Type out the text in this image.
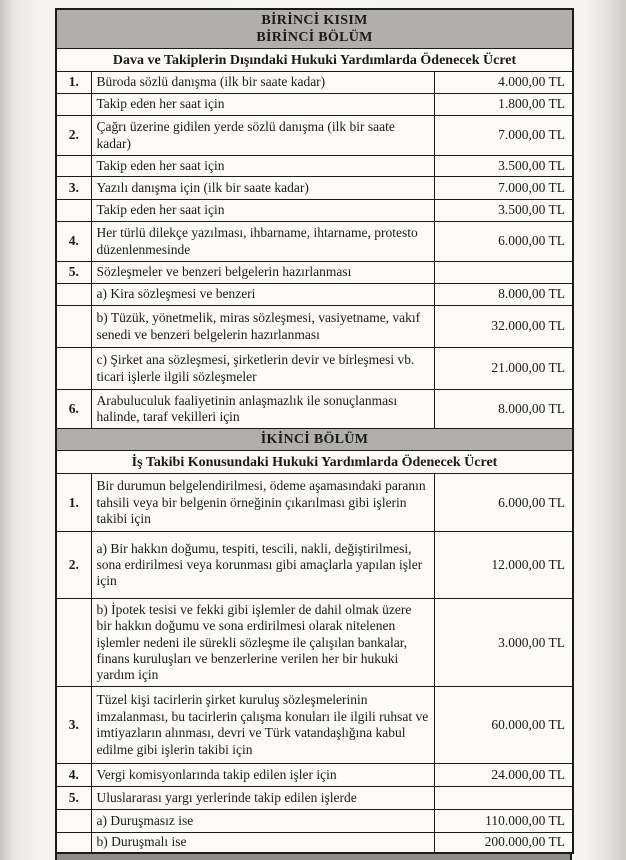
BİRİNCİ KISIM
BİRİNCİ BÖLÜM		

Dava ve Takiplerin Dışındaki Hukuki Yardımlarda Ödenecek Ücret		
1.	Büroda sözlü danışma (ilk bir saate kadar)	4.000,00 TL
	Takip eden her saat için	1.800,00 TL
2.	Çağrı üzerine gidilen yerde sözlü danışma (ilk bir saate kadar)	7.000,00 TL
	Takip eden her saat için	3.500,00 TL
3.	Yazılı danışma için (ilk bir saate kadar)	7.000,00 TL
	Takip eden her saat için	3.500,00 TL
4.	Her türlü dilekçe yazılması, ihbarname, ihtarname, protesto düzenlenmesinde	6.000,00 TL
5.	Sözleşmeler ve benzeri belgelerin hazırlanması	
	a) Kira sözleşmesi ve benzeri	8.000,00 TL
	b) Tüzük, yönetmelik, miras sözleşmesi, vasiyetname, vakıf senedi ve benzeri belgelerin hazırlanması	32.000,00 TL
	c) Şirket ana sözleşmesi, şirketlerin devir ve birleşmesi vb. ticari işlerle ilgili sözleşmeler	21.000,00 TL
6.	Arabuluculuk faaliyetinin anlaşmazlık ile sonuçlanması halinde, taraf vekilleri için	8.000,00 TL
İKİNCİ BÖLÜM		
İş Takibi Konusundaki Hukuki Yardımlarda Ödenecek Ücret		
1.	Bir durumun belgelendirilmesi, ödeme aşamasındaki paranın tahsili veya bir belgenin örneğinin çıkarılması gibi işlerin takibi için	6.000,00 TL
2.	a) Bir hakkın doğumu, tespiti, tescili, nakli, değiştirilmesi, sona erdirilmesi veya korunması gibi amaçlarla yapılan işler için	12.000,00 TL
	b) İpotek tesisi ve fekki gibi işlemler de dahil olmak üzere bir hakkın doğumu ve sona erdirilmesi olarak nitelenen işlemler nedeni ile sürekli sözleşme ile çalışılan bankalar, finans kuruluşları ve benzerlerine verilen her bir hukuki yardım için	3.000,00 TL
3.	Tüzel kişi tacirlerin şirket kuruluş sözleşmelerinin imzalanması, bu tacirlerin çalışma konuları ile ilgili ruhsat ve imtiyazların alınması, devri ve Türk vatandaşlığına kabul edilme gibi işlerin takibi için	60.000,00 TL
4.	Vergi komisyonlarında takip edilen işler için	24.000,00 TL
5.	Uluslararası yargı yerlerinde takip edilen işlerde	
	a) Duruşmasız ise	110.000,00 TL
	b) Duruşmalı ise	200.000,00 TL
